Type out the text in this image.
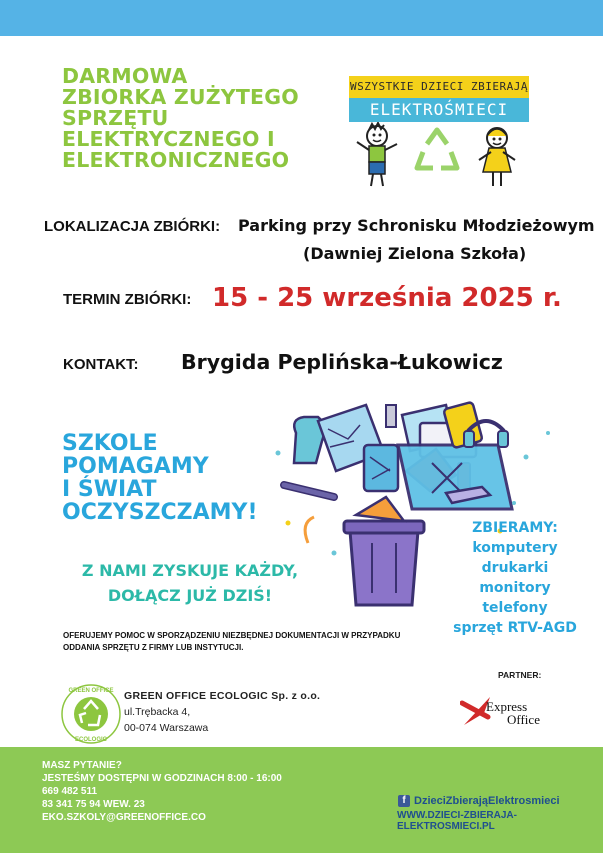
DARMOWA
ZBIORKA ZUŻYTEGO
SPRZĘTU
ELEKTRYCZNEGO I
ELEKTRONICZNEGO
WSZYSTKIE DZIECI ZBIERAJĄ
ELEKTROŚMIECI
LOKALIZACJA ZBIÓRKI: Parking przy Schronisku Młodzieżowym
(Dawniej Zielona Szkoła)
TERMIN ZBIÓRKI: 15 - 25 września 2025 r.
KONTAKT: Brygida Peplińska-Łukowicz
SZKOLE
POMAGAMY
I ŚWIAT
OCZYSZCZAMY!
Z NAMI ZYSKUJE KAŻDY,
DOŁĄCZ JUŻ DZIŚ!
ZBIERAMY:
komputery
drukarki
monitory
telefony
sprzęt RTV-AGD
OFERUJEMY POMOC W SPORZĄDZENIU NIEZBĘDNEJ DOKUMENTACJI W PRZYPADKU
ODDANIA SPRZĘTU Z FIRMY LUB INSTYTUCJI.
GREEN OFFICE
ECOLOGIC
GREEN OFFICE ECOLOGIC Sp. z o.o.
ul.Trębacka 4,
00-074 Warszawa
PARTNER:
Express
Office
MASZ PYTANIE?
JESTEŚMY DOSTĘPNI W GODZINACH 8:00 - 16:00
669 482 511
83 341 75 94 WEW. 23
EKO.SZKOLY@GREENOFFICE.CO
f DzieciZbierająElektrosmieci
WWW.DZIECI-ZBIERAJA-ELEKTROSMIECI.PL
